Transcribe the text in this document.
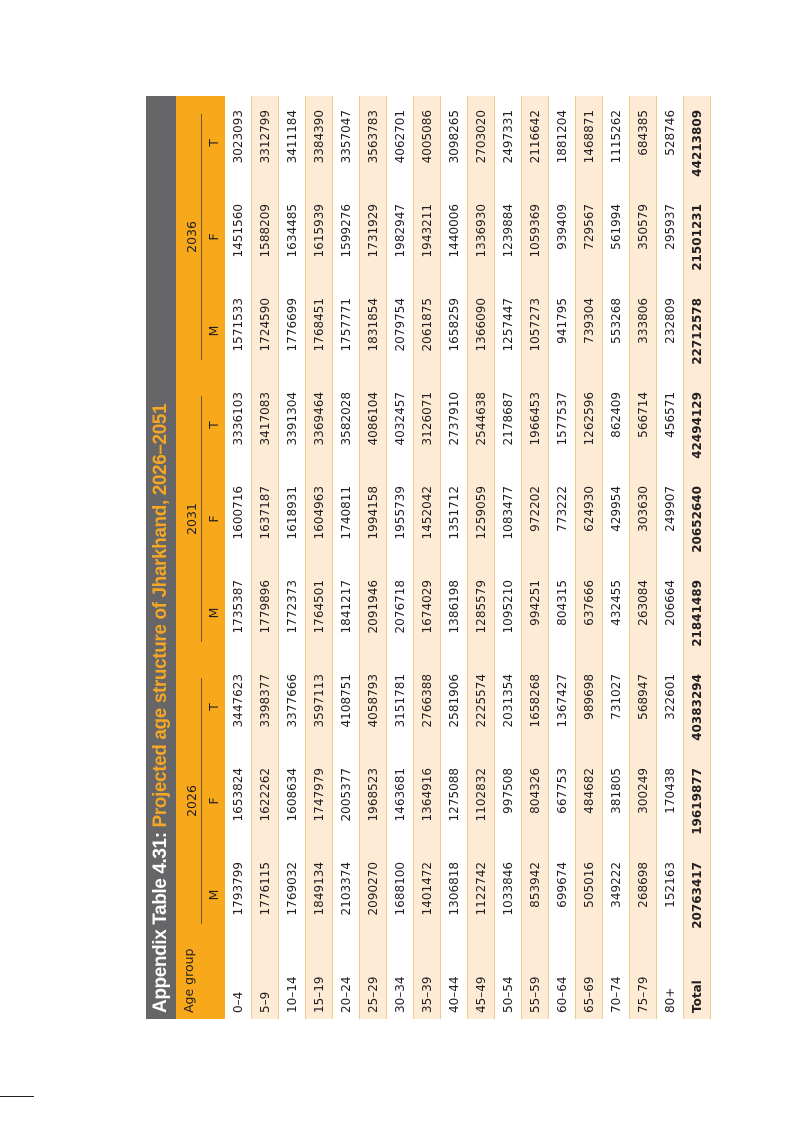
Appendix Table 4.31: Projected age structure of Jharkhand, 2026–2051									
Age group	2026			2031			2036		

	M	F	T	M	F	T	M	F	T
0–4	1793799	1653824	3447623	1735387	1600716	3336103	1571533	1451560	3023093
5–9	1776115	1622262	3398377	1779896	1637187	3417083	1724590	1588209	3312799
10–14	1769032	1608634	3377666	1772373	1618931	3391304	1776699	1634485	3411184
15–19	1849134	1747979	3597113	1764501	1604963	3369464	1768451	1615939	3384390
20–24	2103374	2005377	4108751	1841217	1740811	3582028	1757771	1599276	3357047
25–29	2090270	1968523	4058793	2091946	1994158	4086104	1831854	1731929	3563783
30–34	1688100	1463681	3151781	2076718	1955739	4032457	2079754	1982947	4062701
35–39	1401472	1364916	2766388	1674029	1452042	3126071	2061875	1943211	4005086
40–44	1306818	1275088	2581906	1386198	1351712	2737910	1658259	1440006	3098265
45–49	1122742	1102832	2225574	1285579	1259059	2544638	1366090	1336930	2703020
50–54	1033846	997508	2031354	1095210	1083477	2178687	1257447	1239884	2497331
55–59	853942	804326	1658268	994251	972202	1966453	1057273	1059369	2116642
60–64	699674	667753	1367427	804315	773222	1577537	941795	939409	1881204
65–69	505016	484682	989698	637666	624930	1262596	739304	729567	1468871
70–74	349222	381805	731027	432455	429954	862409	553268	561994	1115262
75–79	268698	300249	568947	263084	303630	566714	333806	350579	684385
80+	152163	170438	322601	206664	249907	456571	232809	295937	528746
Total	20763417	19619877	40383294	21841489	20652640	42494129	22712578	21501231	44213809
